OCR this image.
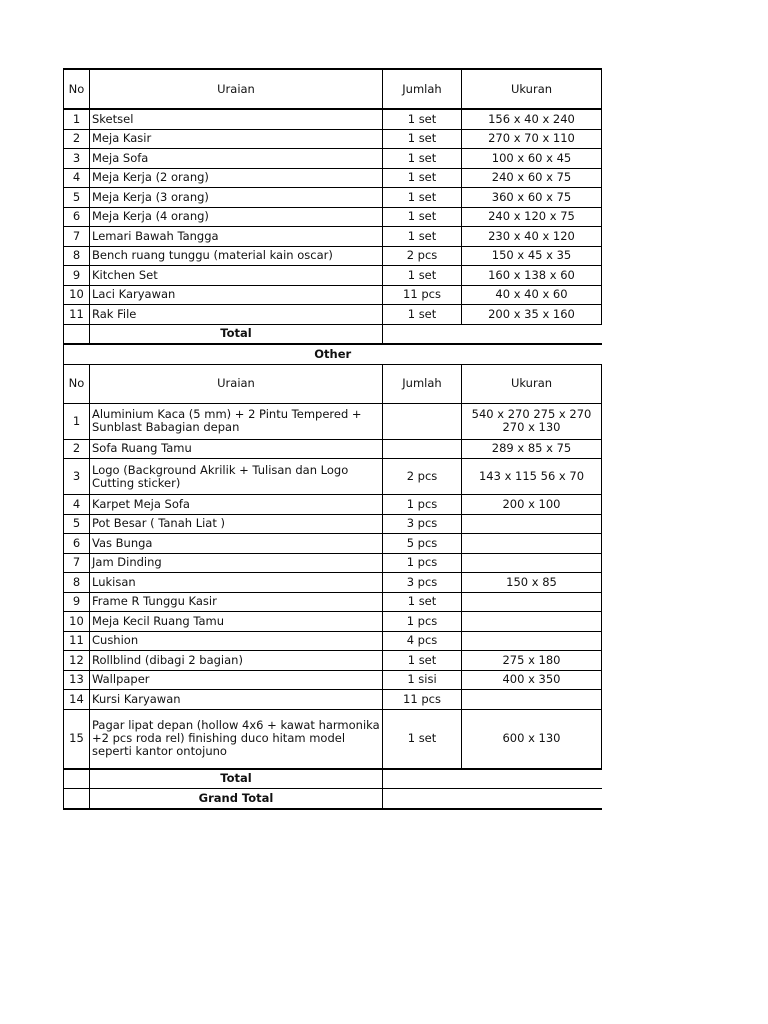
No	Uraian	Jumlah	Ukuran
1	Sketsel	1 set	156 x 40 x 240
2	Meja Kasir	1 set	270 x 70 x 110
3	Meja Sofa	1 set	100 x 60 x 45
4	Meja Kerja (2 orang)	1 set	240 x 60 x 75
5	Meja Kerja (3 orang)	1 set	360 x 60 x 75
6	Meja Kerja (4 orang)	1 set	240 x 120 x 75
7	Lemari Bawah Tangga	1 set	230 x 40 x 120
8	Bench ruang tunggu (material kain oscar)	2 pcs	150 x 45 x 35
9	Kitchen Set	1 set	160 x 138 x 60
10	Laci Karyawan	11 pcs	40 x 40 x 60
11	Rak File	1 set	200 x 35 x 160
	Total		
Other			
No	Uraian	Jumlah	Ukuran
1	Aluminium Kaca (5 mm) + 2 Pintu Tempered + Sunblast Babagian depan		540 x 270 275 x 270 270 x 130
2	Sofa Ruang Tamu		289 x 85 x 75
3	Logo (Background Akrilik + Tulisan dan Logo Cutting sticker)	2 pcs	143 x 115 56 x 70
4	Karpet Meja Sofa	1 pcs	200 x 100
5	Pot Besar ( Tanah Liat )	3 pcs	
6	Vas Bunga	5 pcs	
7	Jam Dinding	1 pcs	
8	Lukisan	3 pcs	150 x 85
9	Frame R Tunggu Kasir	1 set	
10	Meja Kecil Ruang Tamu	1 pcs	
11	Cushion	4 pcs	
12	Rollblind (dibagi 2 bagian)	1 set	275 x 180
13	Wallpaper	1 sisi	400 x 350
14	Kursi Karyawan	11 pcs	
15	Pagar lipat depan (hollow 4x6 + kawat harmonika +2 pcs roda rel) finishing duco hitam model seperti kantor ontojuno	1 set	600 x 130
	Total		
	Grand Total		
